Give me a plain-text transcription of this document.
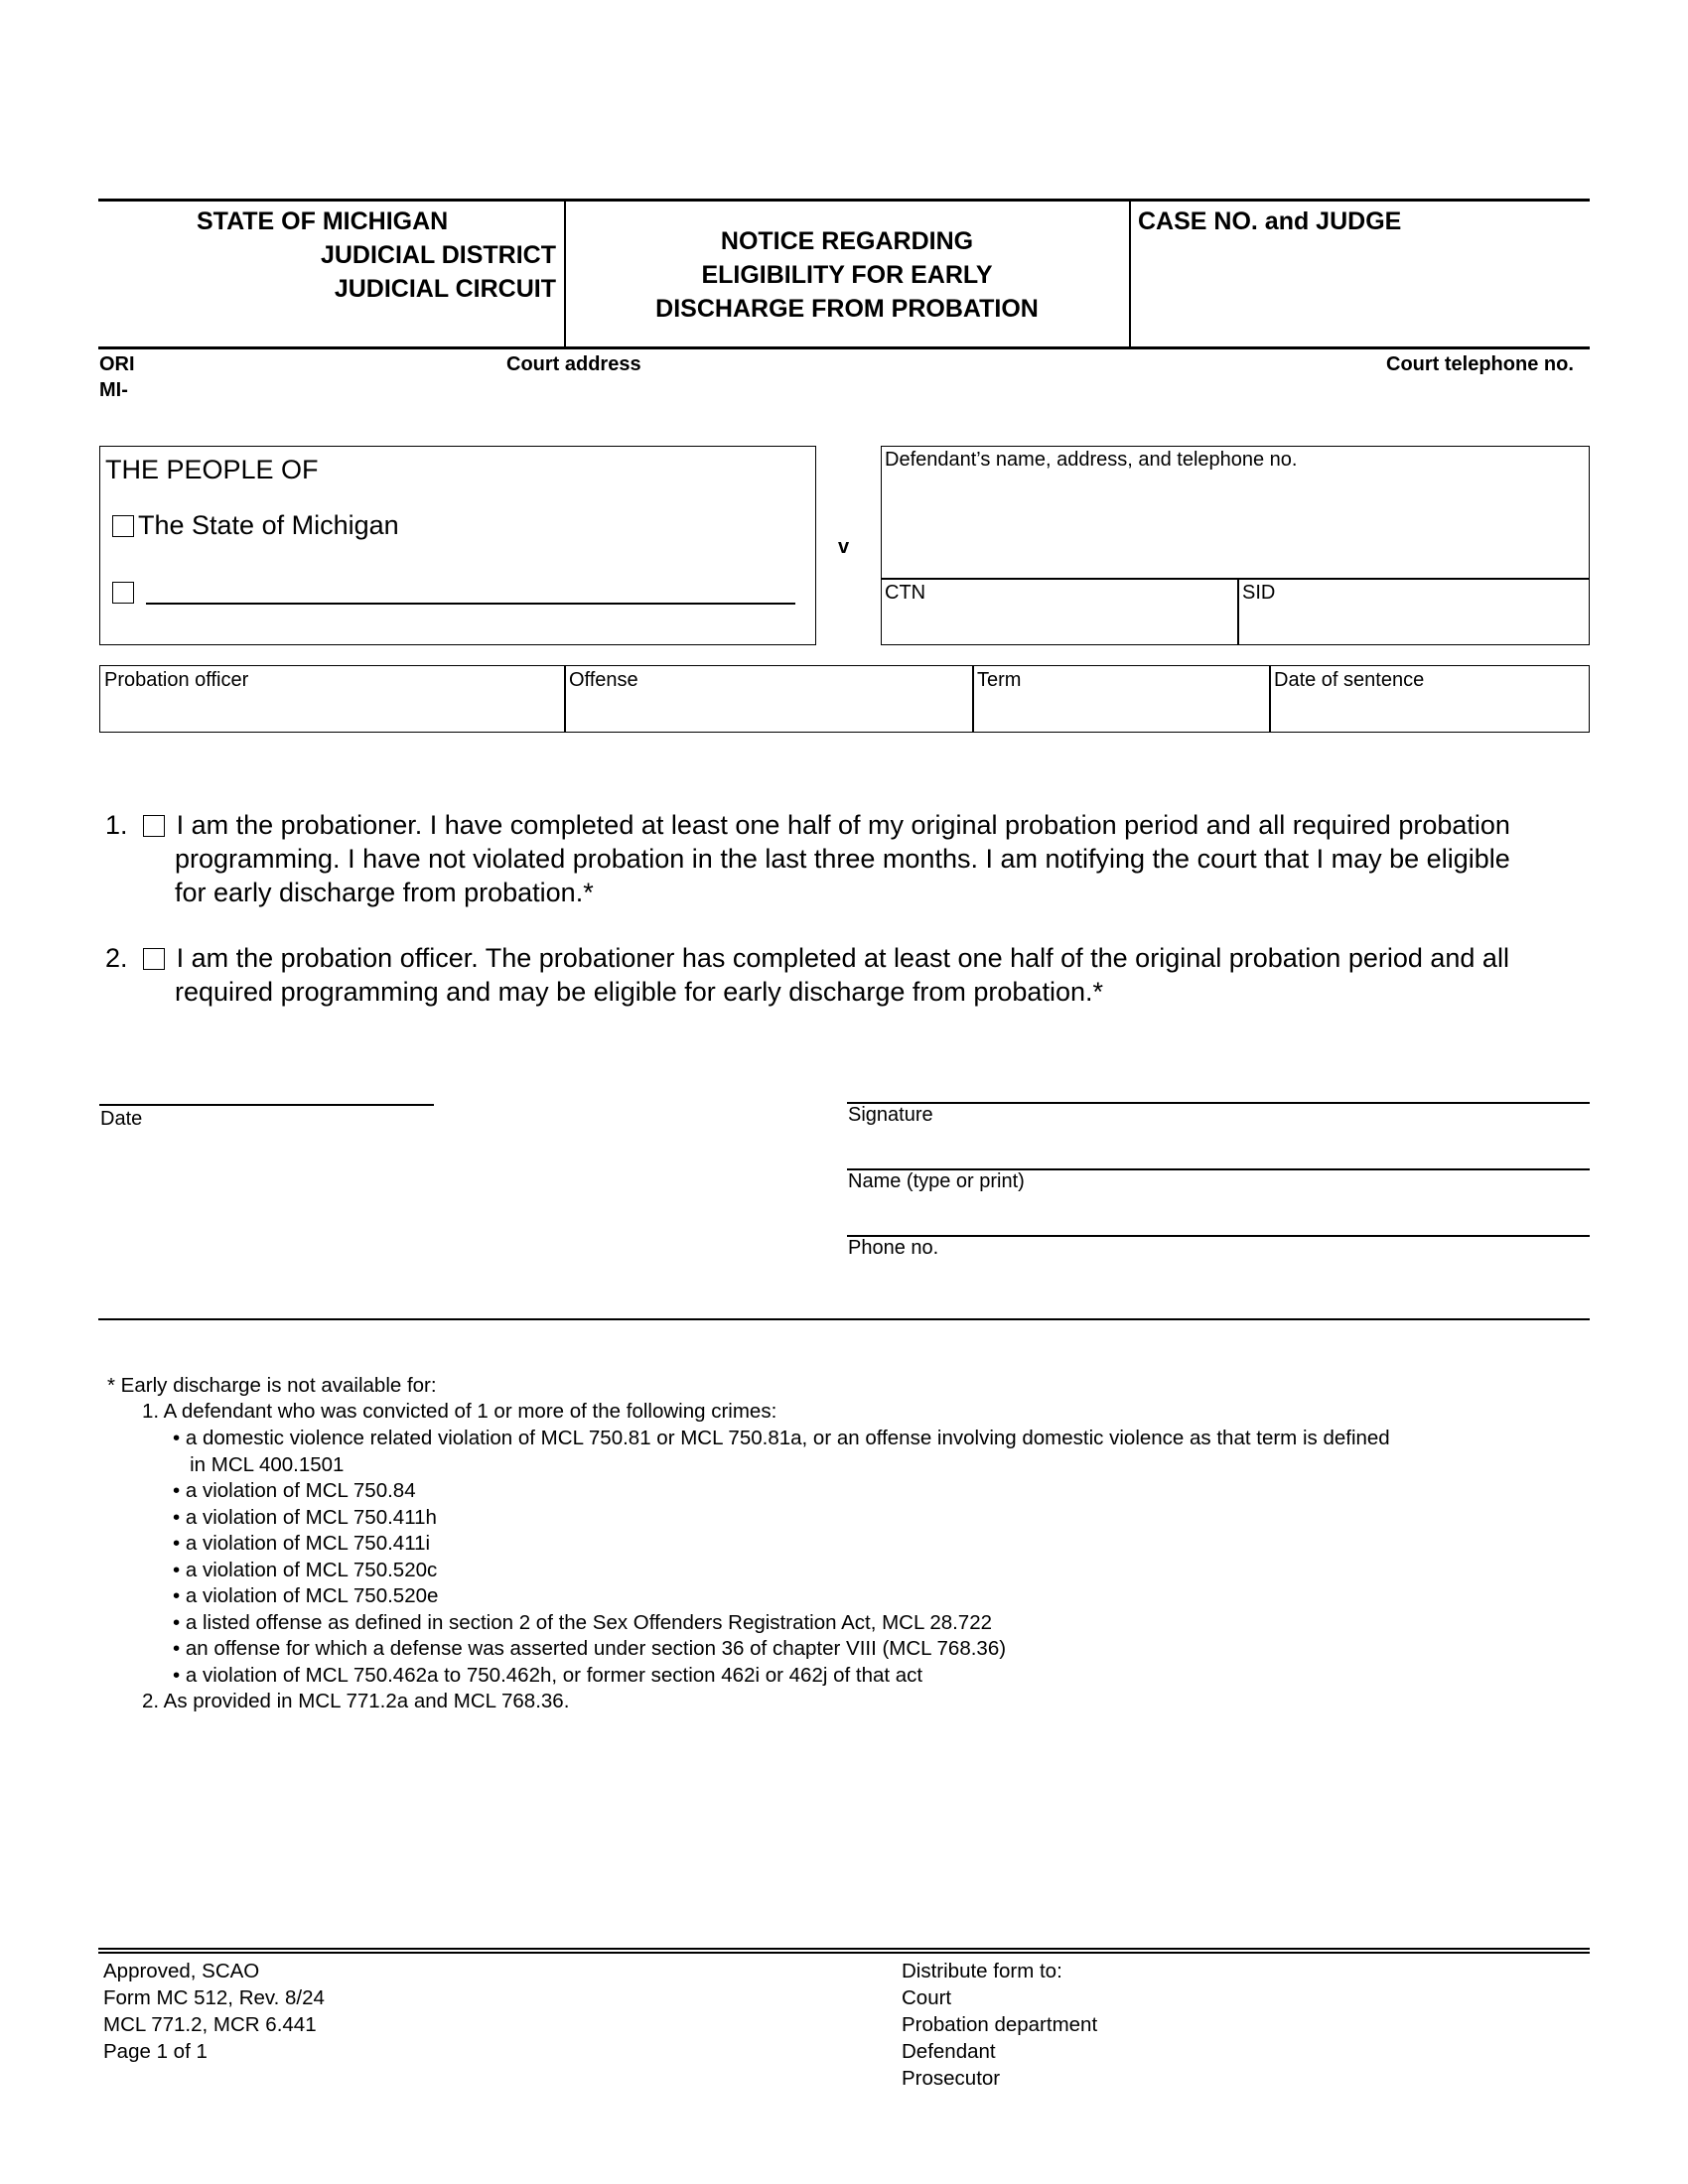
STATE OF MICHIGAN
JUDICIAL DISTRICT
JUDICIAL CIRCUIT
NOTICE REGARDING
ELIGIBILITY FOR EARLY
DISCHARGE FROM PROBATION
CASE NO. and JUDGE
ORI
MI-
Court address	Court telephone no.
THE PEOPLE OF
The State of Michigan
v
Defendant’s name, address, and telephone no.
CTN	SID
Probation officer	Offense	Term	Date of sentence
1. I am the probationer. I have completed at least one half of my original probation period and all required probation
programming. I have not violated probation in the last three months. I am notifying the court that I may be eligible
for early discharge from probation.*
2. I am the probation officer. The probationer has completed at least one half of the original probation period and all
required programming and may be eligible for early discharge from probation.*
Date	Signature
Name (type or print)
Phone no.
* Early discharge is not available for:
1. A defendant who was convicted of 1 or more of the following crimes:
• a domestic violence related violation of MCL 750.81 or MCL 750.81a, or an offense involving domestic violence as that term is defined
in MCL 400.1501
• a violation of MCL 750.84
• a violation of MCL 750.411h
• a violation of MCL 750.411i
• a violation of MCL 750.520c
• a violation of MCL 750.520e
• a listed offense as defined in section 2 of the Sex Offenders Registration Act, MCL 28.722
• an offense for which a defense was asserted under section 36 of chapter VIII (MCL 768.36)
• a violation of MCL 750.462a to 750.462h, or former section 462i or 462j of that act
2. As provided in MCL 771.2a and MCL 768.36.
Approved, SCAO
Form MC 512, Rev. 8/24
MCL 771.2, MCR 6.441
Page 1 of 1
Distribute form to:
Court
Probation department
Defendant
Prosecutor
